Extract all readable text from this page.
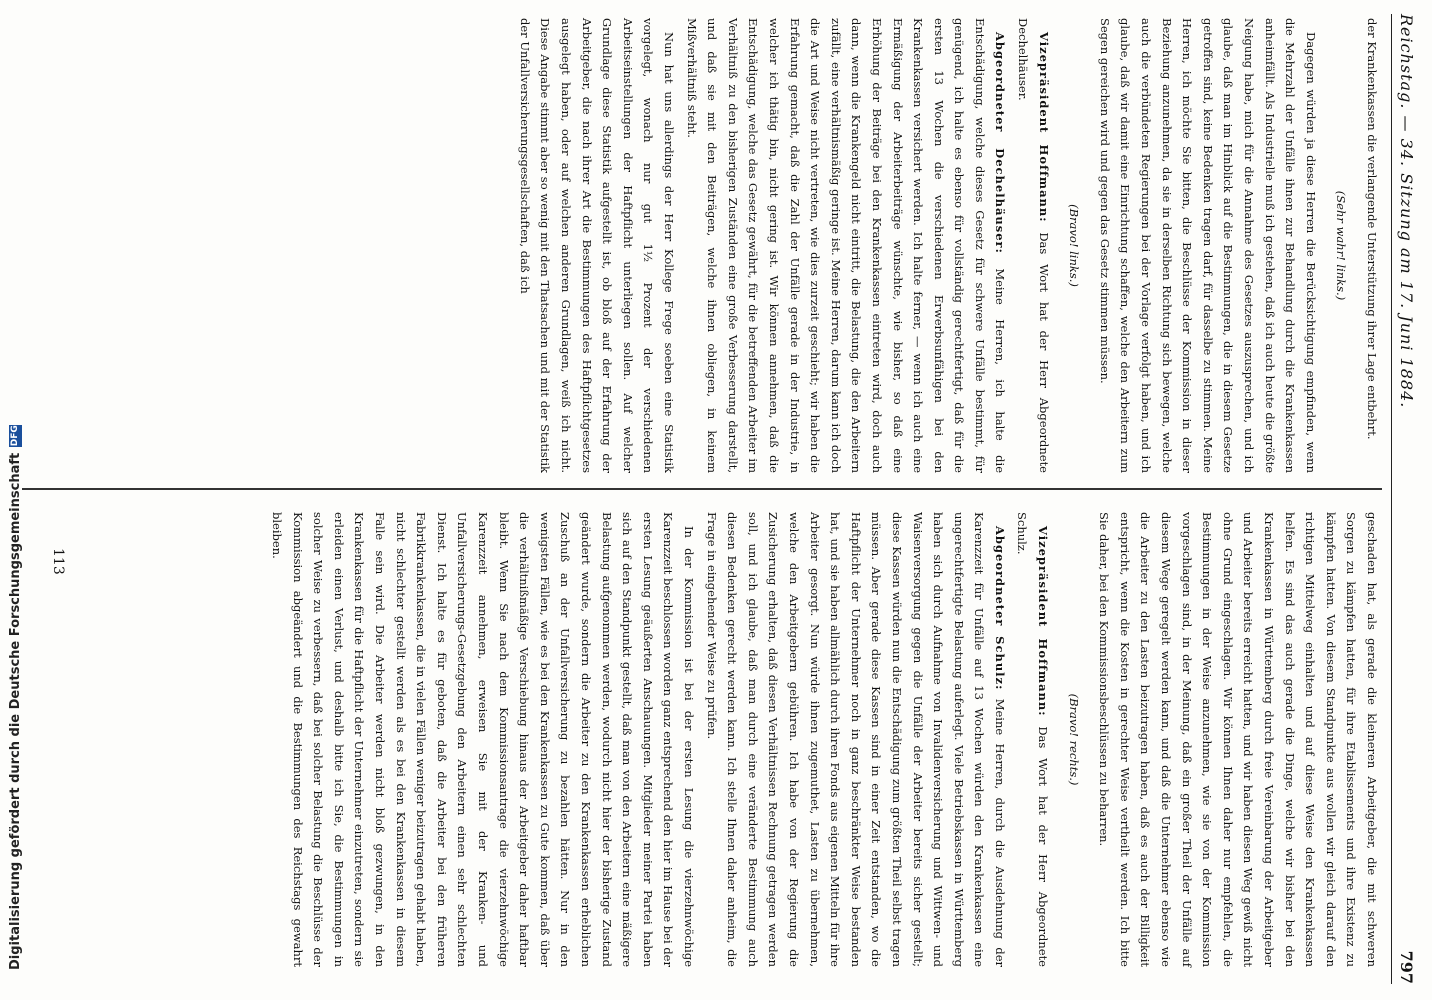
Digitalisierung gefördert durch die Deutsche Forschungsgemeinschaft
DFG
Reichstag. — 34. Sitzung am 17. Juni 1884.
797

der Krankenkassen die verlangende Unterstützung ihrer Lage entbehrt.

(Sehr wahr! links.)

Dagegen würden ja diese Herren die Berücksichtigung empfinden, wenn die Mehrzahl der Unfälle ihnen zur Behandlung durch die Krankenkassen anheimfällt. Als Industrielle muß ich gestehen, daß ich auch heute die größte Neigung habe, mich für die Annahme des Gesetzes auszusprechen, und ich glaube, daß man im Hinblick auf die Bestimmungen, die in diesem Gesetze getroffen sind, keine Bedenken tragen darf, für dasselbe zu stimmen. Meine Herren, ich möchte Sie bitten, die Beschlüsse der Kommission in dieser Beziehung anzunehmen, da sie in derselben Richtung sich bewegen, welche auch die verbündeten Regierungen bei der Vorlage verfolgt haben, und ich glaube, daß wir damit eine Einrichtung schaffen, welche den Arbeitern zum Segen gereichen wird und gegen das Gesetz stimmen müssen.

(Bravo! links.)

Vizepräsident Hoffmann: Das Wort hat der Herr Abgeordnete Dechelhäuser.

Abgeordneter Dechelhäuser: Meine Herren, ich halte die Entschädigung, welche dieses Gesetz für schwere Unfälle bestimmt, für genügend, ich halte es ebenso für vollständig gerechtfertigt, daß für die ersten 13 Wochen die verschiedenen Erwerbsunfähigen bei den Krankenkassen versichert werden. Ich halte ferner, — wenn ich auch eine Ermäßigung der Arbeiterbeiträge wünschte, wie bisher, so daß eine Erhöhung der Beiträge bei den Krankenkassen eintreten wird, doch auch dann, wenn die Krankengeld nicht eintritt, die Belastung, die den Arbeitern zufällt, eine verhältnismäßig geringe ist. Meine Herren, darum kann ich doch die Art und Weise nicht vertreten, wie dies zurzeit geschieht; wir haben die Erfahrung gemacht, daß die Zahl der Unfälle gerade in der Industrie, in welcher ich thätig bin, nicht gering ist. Wir können annehmen, daß die Entschädigung, welche das Gesetz gewährt, für die betreffenden Arbeiter im Verhältniß zu den bisherigen Zuständen eine große Verbesserung darstellt, und daß sie mit den Beiträgen, welche ihnen obliegen, in keinem Mißverhältniß steht.

Nun hat uns allerdings der Herr Kollege Frege soeben eine Statistik vorgelegt, wonach nur gut 1½ Prozent der verschiedenen Arbeitseinstellungen der Haftpflicht unterliegen sollen. Auf welcher Grundlage diese Statistik aufgestellt ist, ob bloß auf der Erfahrung der Arbeitgeber, die nach ihrer Art die Bestimmungen des Haftpflichtgesetzes ausgelegt haben, oder auf welchen anderen Grundlagen, weiß ich nicht. Diese Angabe stimmt aber so wenig mit den Thatsachen und mit der Statistik der Unfallversicherungsgesellschaften, daß ich

geschaden hat, als gerade die kleineren Arbeitgeber, die mit schweren Sorgen zu kämpfen hatten, für ihre Etablissements und ihre Existenz zu kämpfen hatten. Von diesem Standpunkte aus wollen wir gleich darauf den richtigen Mittelweg einhalten und auf diese Weise den Krankenkassen helfen. Es sind das auch gerade die Dinge, welche wir bisher bei den Krankenkassen in Württemberg durch freie Vereinbarung der Arbeitgeber und Arbeiter bereits erreicht hatten, und wir haben diesen Weg gewiß nicht ohne Grund eingeschlagen. Wir können Ihnen daher nur empfehlen, die Bestimmungen in der Weise anzunehmen, wie sie von der Kommission vorgeschlagen sind, in der Meinung, daß ein großer Theil der Unfälle auf diesem Wege geregelt werden kann, und daß die Unternehmer ebenso wie die Arbeiter zu den Lasten beizutragen haben, daß es auch der Billigkeit entspricht, wenn die Kosten in gerechter Weise vertheilt werden. Ich bitte Sie daher, bei den Kommissionsbeschlüssen zu beharren.

(Bravo! rechts.)

Vizepräsident Hoffmann: Das Wort hat der Herr Abgeordnete Schulz.

Abgeordneter Schulz: Meine Herren, durch die Ausdehnung der Karenzzeit für Unfälle auf 13 Wochen würden den Krankenkassen eine ungerechtfertigte Belastung auferlegt. Viele Betriebskassen in Württemberg haben sich durch Aufnahme von Invalidenversicherung und Wittwen- und Waisenversorgung gegen die Unfälle der Arbeiter bereits sicher gestellt; diese Kassen würden nun die Entschädigung zum größten Theil selbst tragen müssen. Aber gerade diese Kassen sind in einer Zeit entstanden, wo die Haftpflicht der Unternehmer noch in ganz beschränkter Weise bestanden hat, und sie haben allmählich durch ihren Fonds aus eigenen Mitteln für ihre Arbeiter gesorgt. Nun würde ihnen zugemuthet, Lasten zu übernehmen, welche den Arbeitgebern gebühren. Ich habe von der Regierung die Zusicherung erhalten, daß diesen Verhältnissen Rechnung getragen werden soll, und ich glaube, daß man durch eine veränderte Bestimmung auch diesen Bedenken gerecht werden kann. Ich stelle Ihnen daher anheim, die Frage in eingehender Weise zu prüfen.

In der Kommission ist bei der ersten Lesung die vierzehnwöchige Karenzzeit beschlossen worden ganz entsprechend den hier im Hause bei der ersten Lesung geäußerten Anschauungen. Mitglieder meiner Partei haben sich auf den Standpunkt gestellt, daß man von den Arbeitern eine mäßigere Belastung aufgenommen werden, wodurch nicht hier der bisherige Zustand geändert wurde, sondern die Arbeiter zu den Krankenkassen erheblichen Zuschuß an der Unfallversicherung zu bezahlen hätten. Nur in den wenigsten Fällen, wie es bei den Krankenkassen zu Gute kommen, daß über die verhältnißmäßige Verschiebung hinaus der Arbeitgeber daher haftbar bleibt. Wenn Sie nach dem Kommissionsantrage die vierzehnwöchige Karenzzeit annehmen, erweisen Sie mit der Kranken- und Unfallversicherungs-Gesetzgebung den Arbeitern einen sehr schlechten Dienst. Ich halte es für geboten, daß die Arbeiter bei den früheren Fabrikkrankenkassen, die in vielen Fällen weniger beizutragen gehabt haben, nicht schlechter gestellt werden als es bei den Krankenkassen in diesem Falle sein wird. Die Arbeiter werden nicht bloß gezwungen, in den Krankenkassen für die Haftpflicht der Unternehmer einzutreten, sondern sie erleiden einen Verlust, und deshalb bitte ich Sie, die Bestimmungen in solcher Weise zu verbessern, daß bei solcher Belastung die Beschlüsse der Kommission abgeändert und die Bestimmungen des Reichstags gewahrt bleiben.

113
